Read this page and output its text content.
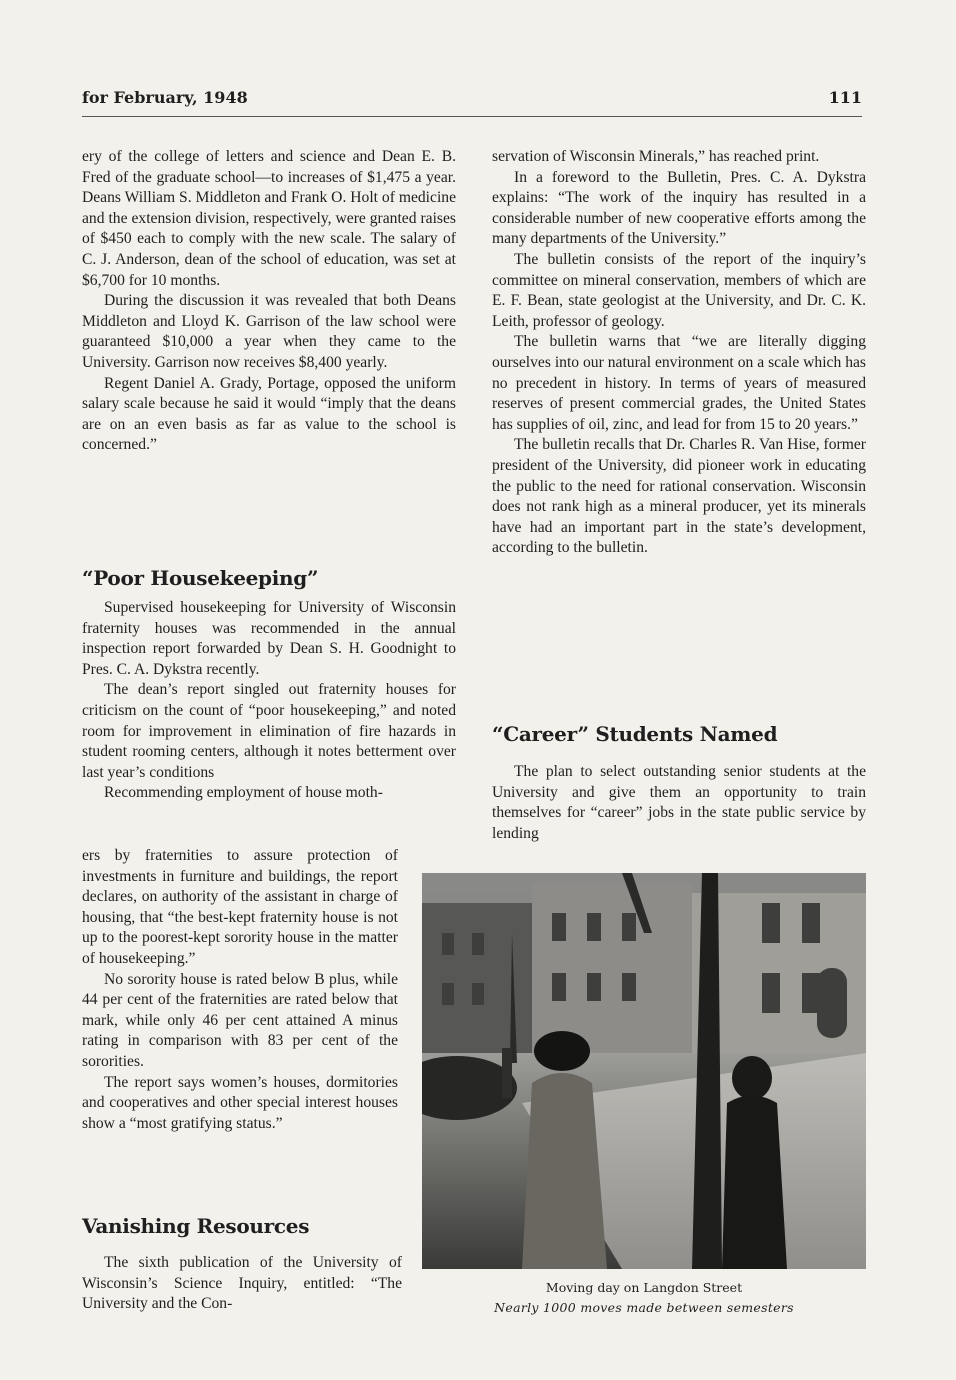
for February, 1948	111

ery of the college of letters and science and Dean E. B. Fred of the graduate school—to increases of $1,475 a year. Deans William S. Middleton and Frank O. Holt of medicine and the extension division, respectively, were granted raises of $450 each to comply with the new scale. The salary of C. J. Anderson, dean of the school of education, was set at $6,700 for 10 months.

During the discussion it was revealed that both Deans Middleton and Lloyd K. Garrison of the law school were guaranteed $10,000 a year when they came to the University. Garrison now receives $8,400 yearly.

Regent Daniel A. Grady, Portage, opposed the uniform salary scale because he said it would “imply that the deans are on an even basis as far as value to the school is concerned.”

“Poor Housekeeping”

Supervised housekeeping for University of Wisconsin fraternity houses was recommended in the annual inspection report forwarded by Dean S. H. Goodnight to Pres. C. A. Dykstra recently.

The dean’s report singled out fraternity houses for criticism on the count of “poor housekeeping,” and noted room for improvement in elimination of fire hazards in student rooming centers, although it notes betterment over last year’s conditions

Recommending employment of house moth-

ers by fraternities to assure protection of investments in furniture and buildings, the report declares, on authority of the assistant in charge of housing, that “the best-kept fraternity house is not up to the poorest-kept sorority house in the matter of housekeeping.”

No sorority house is rated below B plus, while 44 per cent of the fraternities are rated below that mark, while only 46 per cent attained A minus rating in comparison with 83 per cent of the sororities.

The report says women’s houses, dormitories and cooperatives and other special interest houses show a “most gratifying status.”

Vanishing Resources

The sixth publication of the University of Wisconsin’s Science Inquiry, entitled: “The University and the Con-

servation of Wisconsin Minerals,” has reached print.

In a foreword to the Bulletin, Pres. C. A. Dykstra explains: “The work of the inquiry has resulted in a considerable number of new cooperative efforts among the many departments of the University.”

The bulletin consists of the report of the inquiry’s committee on mineral conservation, members of which are E. F. Bean, state geologist at the University, and Dr. C. K. Leith, professor of geology.

The bulletin warns that “we are literally digging ourselves into our natural environment on a scale which has no precedent in history. In terms of years of measured reserves of present commercial grades, the United States has supplies of oil, zinc, and lead for from 15 to 20 years.”

The bulletin recalls that Dr. Charles R. Van Hise, former president of the University, did pioneer work in educating the public to the need for rational conservation. Wisconsin does not rank high as a mineral producer, yet its minerals have had an important part in the state’s development, according to the bulletin.

“Career” Students Named

The plan to select outstanding senior students at the University and give them an opportunity to train themselves for “career” jobs in the state public service by lending

Moving day on Langdon Street
Nearly 1000 moves made between semesters
